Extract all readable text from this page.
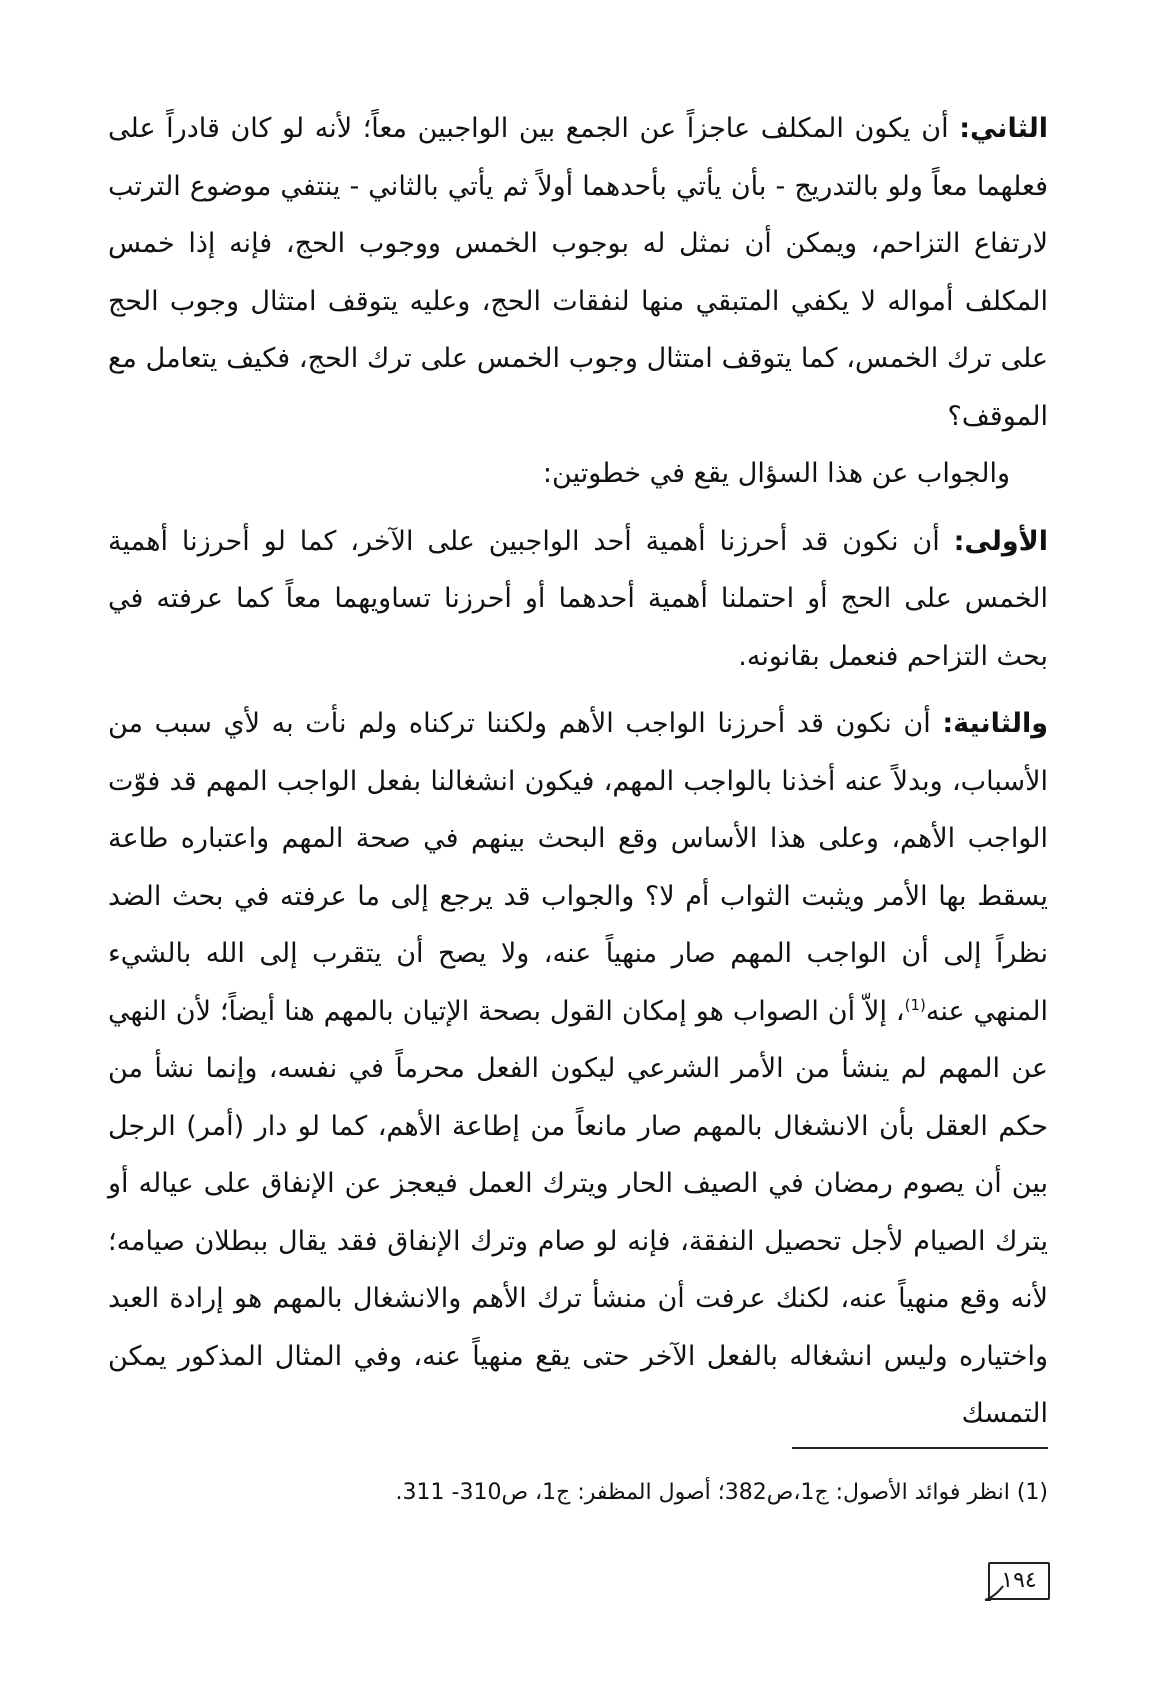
الثاني: أن يكون المكلف عاجزاً عن الجمع بين الواجبين معاً؛ لأنه لو كان قادراً على فعلهما معاً ولو بالتدريج - بأن يأتي بأحدهما أولاً ثم يأتي بالثاني - ينتفي موضوع الترتب لارتفاع التزاحم، ويمكن أن نمثل له بوجوب الخمس ووجوب الحج، فإنه إذا خمس المكلف أمواله لا يكفي المتبقي منها لنفقات الحج، وعليه يتوقف امتثال وجوب الحج على ترك الخمس، كما يتوقف امتثال وجوب الخمس على ترك الحج، فكيف يتعامل مع الموقف؟

والجواب عن هذا السؤال يقع في خطوتين:

الأولى: أن نكون قد أحرزنا أهمية أحد الواجبين على الآخر، كما لو أحرزنا أهمية الخمس على الحج أو احتملنا أهمية أحدهما أو أحرزنا تساويهما معاً كما عرفته في بحث التزاحم فنعمل بقانونه.

والثانية: أن نكون قد أحرزنا الواجب الأهم ولكننا تركناه ولم نأت به لأي سبب من الأسباب، وبدلاً عنه أخذنا بالواجب المهم، فيكون انشغالنا بفعل الواجب المهم قد فوّت الواجب الأهم، وعلى هذا الأساس وقع البحث بينهم في صحة المهم واعتباره طاعة يسقط بها الأمر ويثبت الثواب أم لا؟ والجواب قد يرجع إلى ما عرفته في بحث الضد نظراً إلى أن الواجب المهم صار منهياً عنه، ولا يصح أن يتقرب إلى الله بالشيء المنهي عنه$^{(1)}$، إلاّ أن الصواب هو إمكان القول بصحة الإتيان بالمهم هنا أيضاً؛ لأن النهي عن المهم لم ينشأ من الأمر الشرعي ليكون الفعل محرماً في نفسه، وإنما نشأ من حكم العقل بأن الانشغال بالمهم صار مانعاً من إطاعة الأهم، كما لو دار (أمر) الرجل بين أن يصوم رمضان في الصيف الحار ويترك العمل فيعجز عن الإنفاق على عياله أو يترك الصيام لأجل تحصيل النفقة، فإنه لو صام وترك الإنفاق فقد يقال ببطلان صيامه؛ لأنه وقع منهياً عنه، لكنك عرفت أن منشأ ترك الأهم والانشغال بالمهم هو إرادة العبد واختياره وليس انشغاله بالفعل الآخر حتى يقع منهياً عنه، وفي المثال المذكور يمكن التمسك

(1) انظر فوائد الأصول: ج1،ص382؛ أصول المظفر: ج1، ص310- 311.
١٩٤
